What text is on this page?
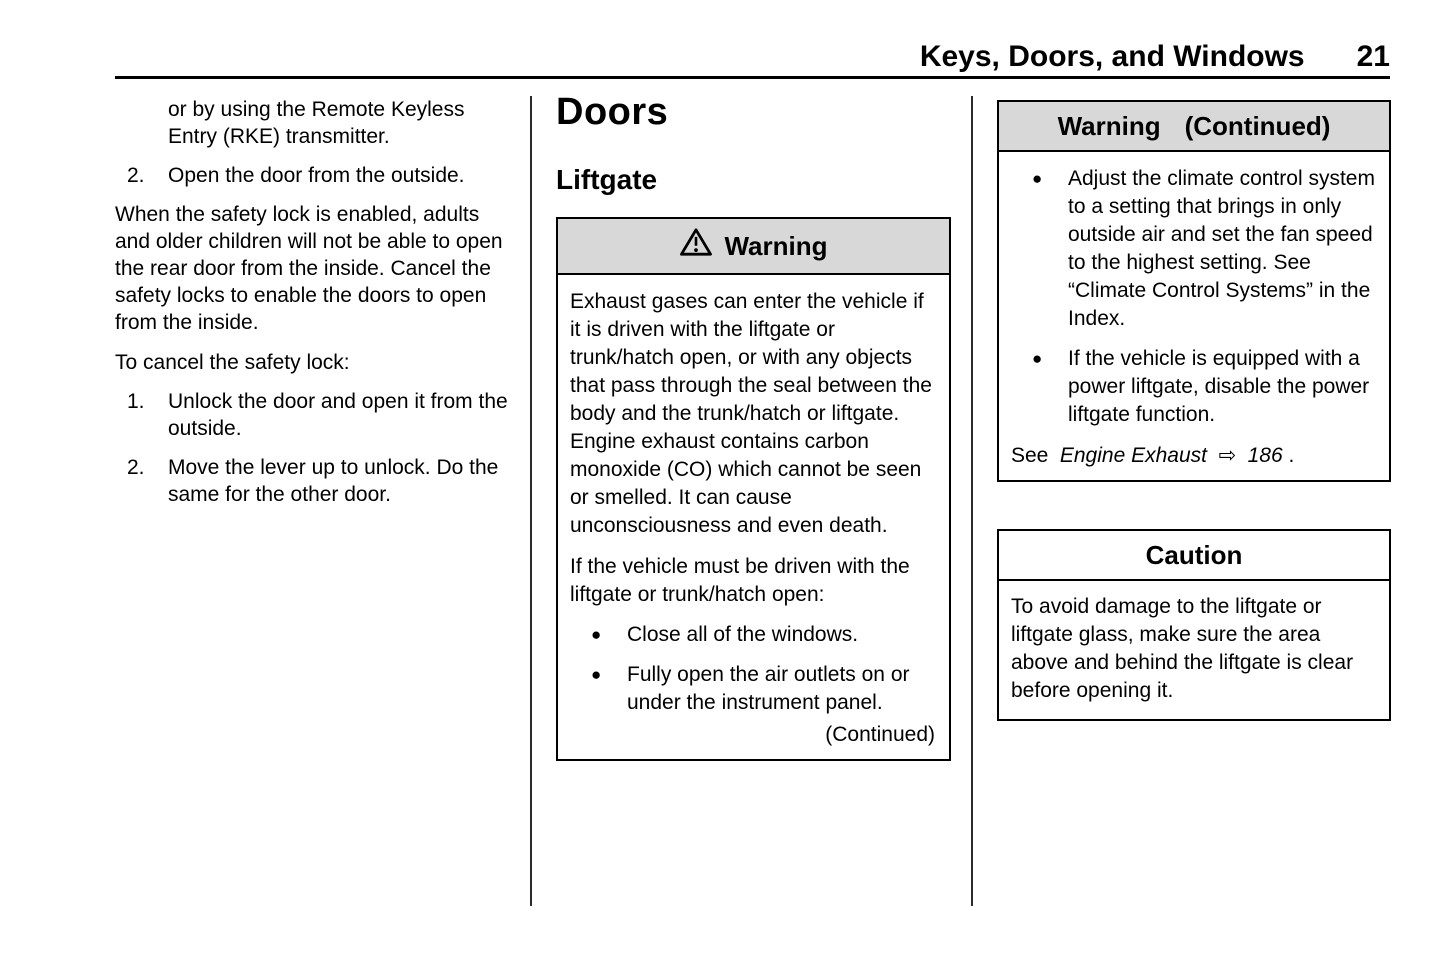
Keys, Doors, and Windows 21
or by using the Remote Keyless Entry (RKE) transmitter.
2.	Open the door from the outside.
When the safety lock is enabled, adults and older children will not be able to open the rear door from the inside. Cancel the safety locks to enable the doors to open from the inside.
To cancel the safety lock:
1.	Unlock the door and open it from the outside.
2.	Move the lever up to unlock. Do the same for the other door.
Doors
Liftgate
Warning
Exhaust gases can enter the vehicle if it is driven with the liftgate or trunk/hatch open, or with any objects that pass through the seal between the body and the trunk/hatch or liftgate. Engine exhaust contains carbon monoxide (CO) which cannot be seen or smelled. It can cause unconsciousness and even death.
If the vehicle must be driven with the liftgate or trunk/hatch open:
●	Close all of the windows.
●	Fully open the air outlets on or under the instrument panel.
(Continued)
Warning (Continued)
●	Adjust the climate control system to a setting that brings in only outside air and set the fan speed to the highest setting. See “Climate Control Systems” in the Index.
●	If the vehicle is equipped with a power liftgate, disable the power liftgate function.
See Engine Exhaust ⇨ 186 .
Caution
To avoid damage to the liftgate or liftgate glass, make sure the area above and behind the liftgate is clear before opening it.
